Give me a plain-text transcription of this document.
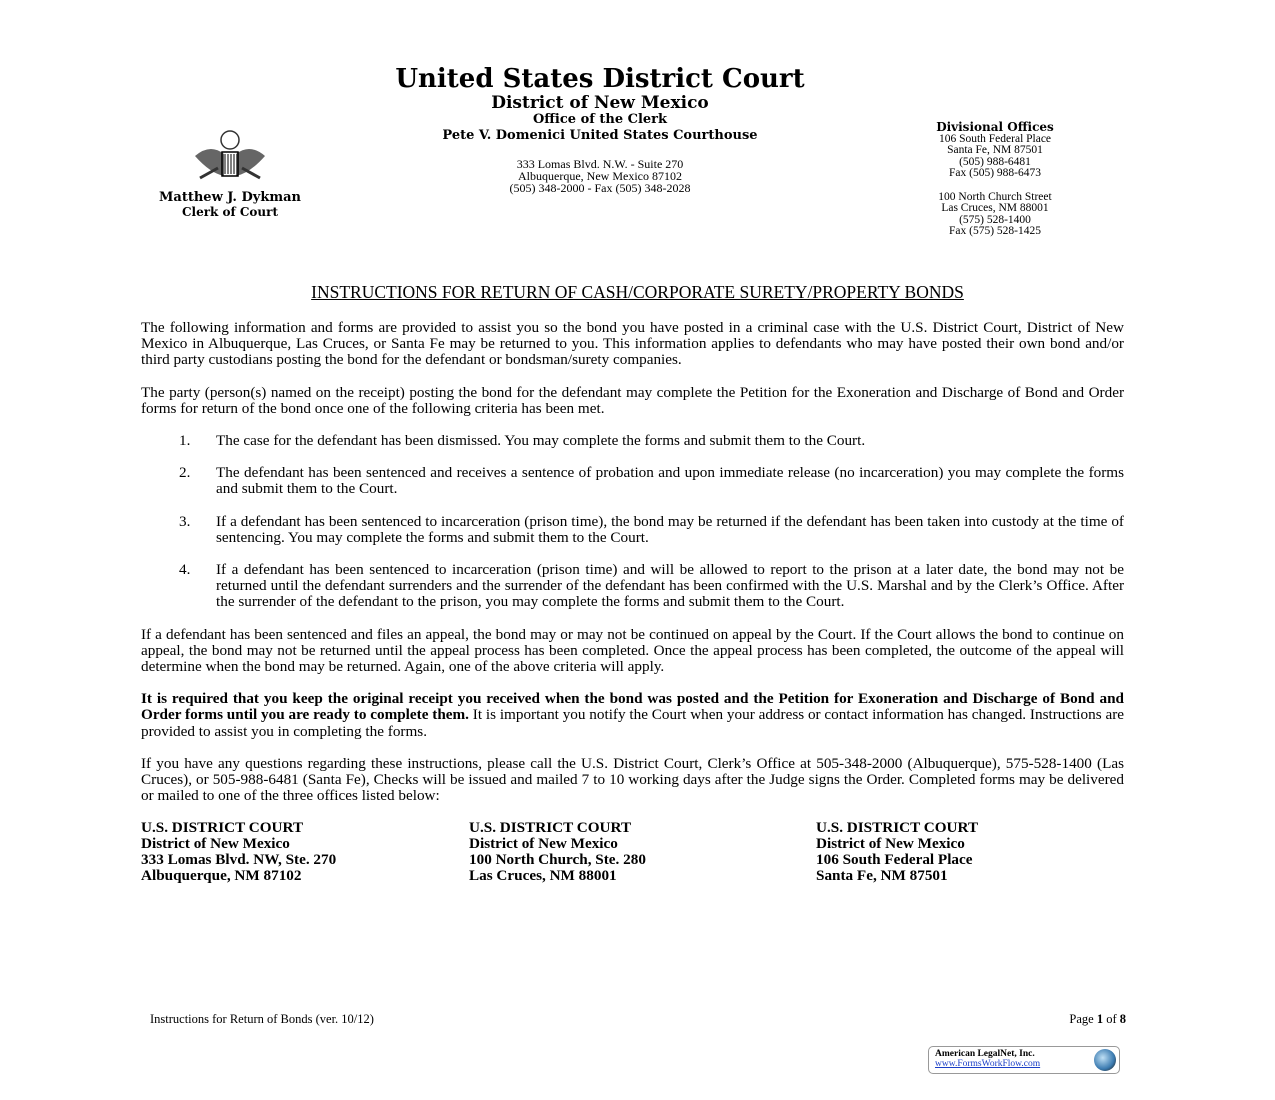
United States District Court
District of New Mexico
Office of the Clerk
Pete V. Domenici United States Courthouse
333 Lomas Blvd. N.W. - Suite 270
Albuquerque, New Mexico 87102
(505) 348-2000 - Fax (505) 348-2028
Matthew J. Dykman
Clerk of Court
Divisional Offices
106 South Federal Place
Santa Fe, NM 87501
(505) 988-6481
Fax (505) 988-6473
100 North Church Street
Las Cruces, NM 88001
(575) 528-1400
Fax (575) 528-1425
INSTRUCTIONS FOR RETURN OF CASH/CORPORATE SURETY/PROPERTY BONDS

The following information and forms are provided to assist you so the bond you have posted in a criminal case with the U.S. District Court, District of New Mexico in Albuquerque, Las Cruces, or Santa Fe may be returned to you. This information applies to defendants who may have posted their own bond and/or third party custodians posting the bond for the defendant or bondsman/surety companies.

The party (person(s) named on the receipt) posting the bond for the defendant may complete the Petition for the Exoneration and Discharge of Bond and Order forms for return of the bond once one of the following criteria has been met.

1.	The case for the defendant has been dismissed. You may complete the forms and submit them to the Court.
2.	The defendant has been sentenced and receives a sentence of probation and upon immediate release (no incarceration) you may complete the forms and submit them to the Court.
3.	If a defendant has been sentenced to incarceration (prison time), the bond may be returned if the defendant has been taken into custody at the time of sentencing. You may complete the forms and submit them to the Court.
4.	If a defendant has been sentenced to incarceration (prison time) and will be allowed to report to the prison at a later date, the bond may not be returned until the defendant surrenders and the surrender of the defendant has been confirmed with the U.S. Marshal and by the Clerk’s Office. After the surrender of the defendant to the prison, you may complete the forms and submit them to the Court.

If a defendant has been sentenced and files an appeal, the bond may or may not be continued on appeal by the Court. If the Court allows the bond to continue on appeal, the bond may not be returned until the appeal process has been completed. Once the appeal process has been completed, the outcome of the appeal will determine when the bond may be returned. Again, one of the above criteria will apply.

It is required that you keep the original receipt you received when the bond was posted and the Petition for Exoneration and Discharge of Bond and Order forms until you are ready to complete them. It is important you notify the Court when your address or contact information has changed. Instructions are provided to assist you in completing the forms.

If you have any questions regarding these instructions, please call the U.S. District Court, Clerk’s Office at 505-348-2000 (Albuquerque), 575-528-1400 (Las Cruces), or 505-988-6481 (Santa Fe), Checks will be issued and mailed 7 to 10 working days after the Judge signs the Order. Completed forms may be delivered or mailed to one of the three offices listed below:

U.S. DISTRICT COURT
District of New Mexico
333 Lomas Blvd. NW, Ste. 270
Albuquerque, NM 87102
U.S. DISTRICT COURT
District of New Mexico
100 North Church, Ste. 280
Las Cruces, NM 88001
U.S. DISTRICT COURT
District of New Mexico
106 South Federal Place
Santa Fe, NM 87501
Instructions for Return of Bonds (ver. 10/12)	Page 1 of 8
American LegalNet, Inc.
www.FormsWorkFlow.com
